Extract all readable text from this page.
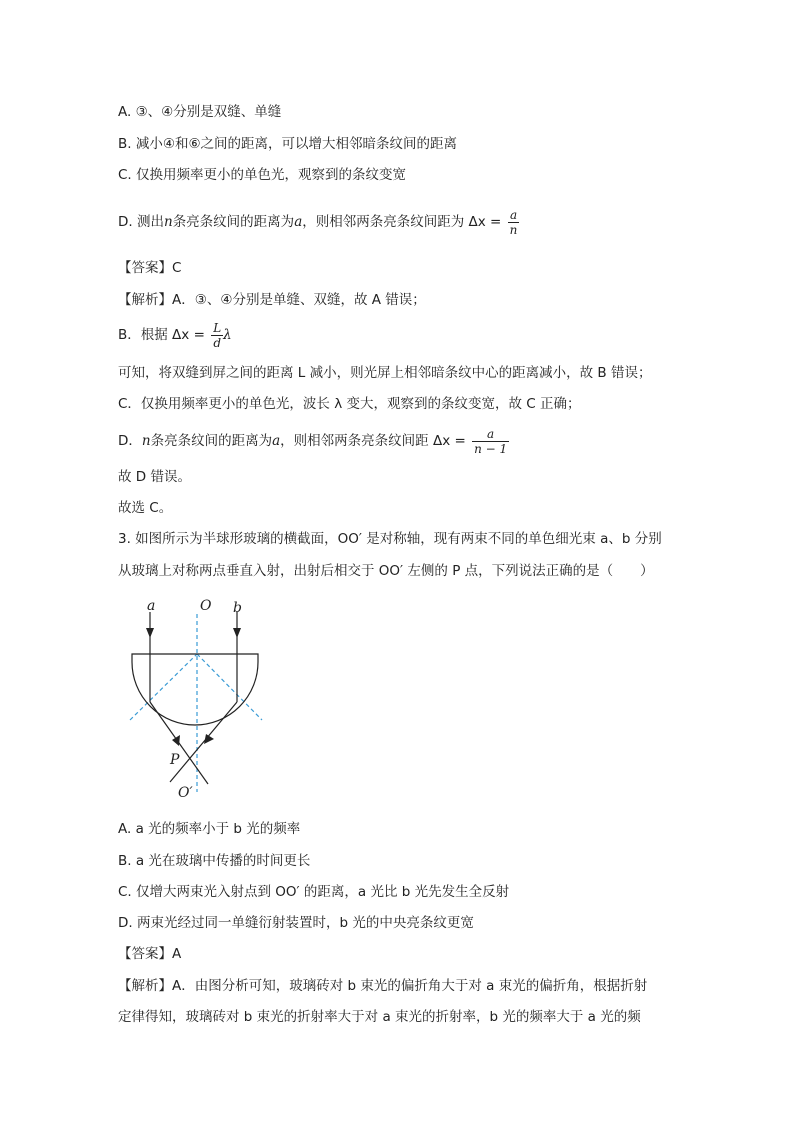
A. ③、④分别是双缝、单缝
B. 减小④和⑥之间的距离，可以增大相邻暗条纹间的距离
C. 仅换用频率更小的单色光，观察到的条纹变宽
D. 测出n条亮条纹间的距离为a，则相邻两条亮条纹间距为 $\Delta x = \frac{a}{n}$
【答案】C
【解析】A．③、④分别是单缝、双缝，故 A 错误；
B．根据 $\Delta x = \frac{L}{d}$ λ
可知，将双缝到屏之间的距离 L 减小，则光屏上相邻暗条纹中心的距离减小，故 B 错误；
C．仅换用频率更小的单色光，波长 λ 变大，观察到的条纹变宽，故 C 正确；
D．n条亮条纹间的距离为a，则相邻两条亮条纹间距 $\Delta x = \frac{a}{n - 1}$
故 D 错误。
故选 C。
3. 如图所示为半球形玻璃的横截面，OO′ 是对称轴，现有两束不同的单色细光束 a、b 分别
从玻璃上对称两点垂直入射，出射后相交于 OO′ 左侧的 P 点，下列说法正确的是（　　）
a	O b
P
O′
A. a 光的频率小于 b 光的频率
B. a 光在玻璃中传播的时间更长
C. 仅增大两束光入射点到 OO′ 的距离，a 光比 b 光先发生全反射
D. 两束光经过同一单缝衍射装置时，b 光的中央亮条纹更宽
【答案】A
【解析】A．由图分析可知，玻璃砖对 b 束光的偏折角大于对 a 束光的偏折角，根据折射
定律得知，玻璃砖对 b 束光的折射率大于对 a 束光的折射率，b 光的频率大于 a 光的频
